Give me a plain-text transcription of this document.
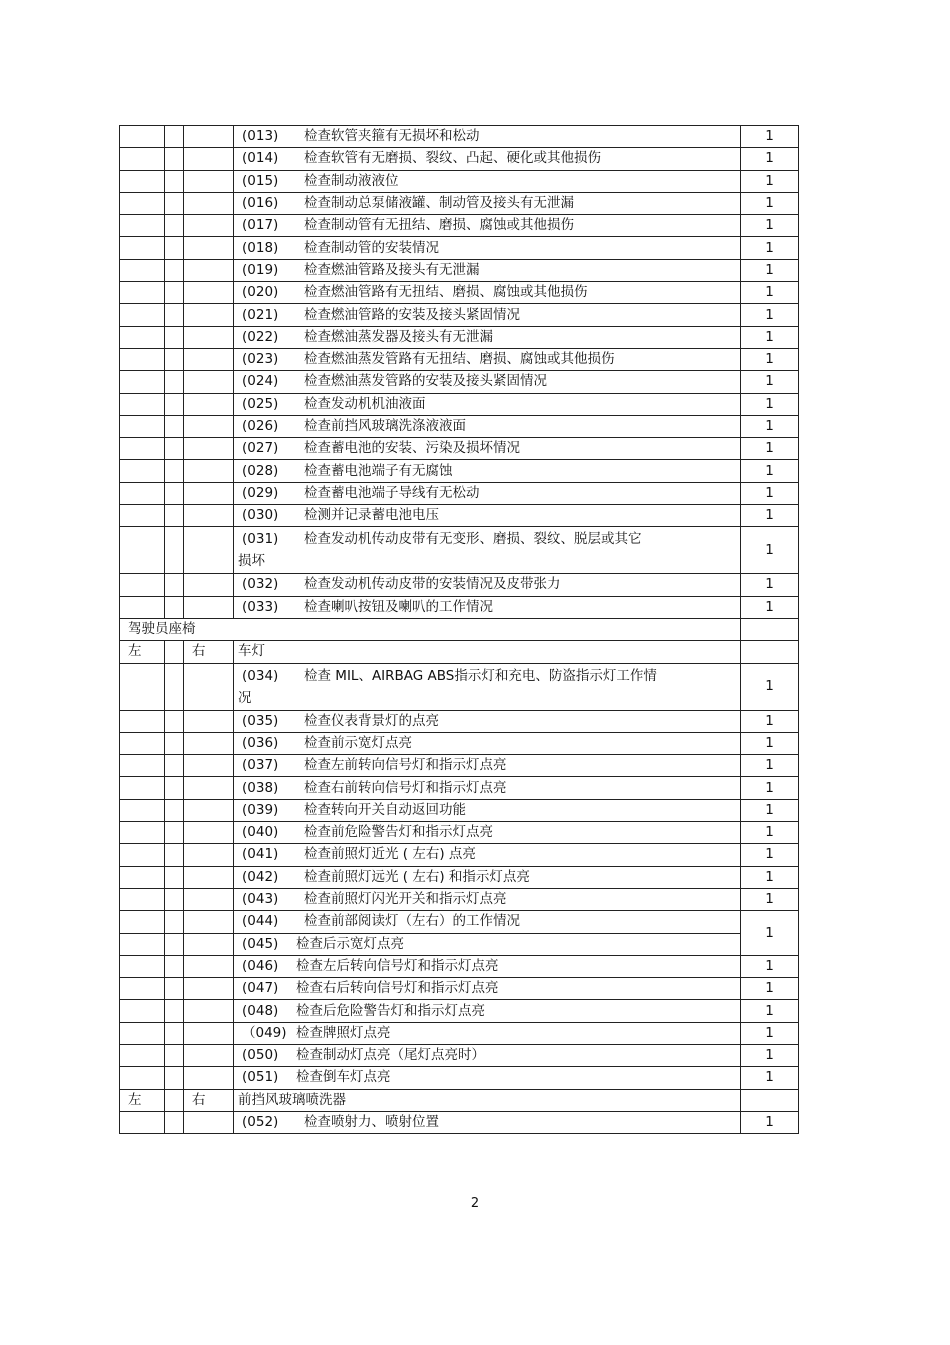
			(013) 检查软管夹箍有无损坏和松动	1
			(014) 检查软管有无磨损、裂纹、凸起、硬化或其他损伤	1
			(015) 检查制动液液位	1
			(016) 检查制动总泵储液罐、制动管及接头有无泄漏	1
			(017) 检查制动管有无扭结、磨损、腐蚀或其他损伤	1
			(018) 检查制动管的安装情况	1
			(019) 检查燃油管路及接头有无泄漏	1
			(020) 检查燃油管路有无扭结、磨损、腐蚀或其他损伤	1
			(021) 检查燃油管路的安装及接头紧固情况	1
			(022) 检查燃油蒸发器及接头有无泄漏	1
			(023) 检查燃油蒸发管路有无扭结、磨损、腐蚀或其他损伤	1
			(024) 检查燃油蒸发管路的安装及接头紧固情况	1
			(025) 检查发动机机油液面	1
			(026) 检查前挡风玻璃洗涤液液面	1
			(027) 检查蓄电池的安装、污染及损坏情况	1
			(028) 检查蓄电池端子有无腐蚀	1
			(029) 检查蓄电池端子导线有无松动	1
			(030) 检测并记录蓄电池电压	1
			(031) 检查发动机传动皮带有无变形、磨损、裂纹、脱层或其它
损坏	1
			(032) 检查发动机传动皮带的安装情况及皮带张力	1
			(033) 检查喇叭按钮及喇叭的工作情况	1
驾驶员座椅				
左		右	车灯	
			(034) 检查 MIL、AIRBAG ABS指示灯和充电、防盗指示灯工作情
况	1
			(035) 检查仪表背景灯的点亮	1
			(036) 检查前示宽灯点亮	1
			(037) 检查左前转向信号灯和指示灯点亮	1
			(038) 检查右前转向信号灯和指示灯点亮	1
			(039) 检查转向开关自动返回功能	1
			(040) 检查前危险警告灯和指示灯点亮	1
			(041) 检查前照灯近光 ( 左右) 点亮	1
			(042) 检查前照灯远光 ( 左右) 和指示灯点亮	1
			(043) 检查前照灯闪光开关和指示灯点亮	1
			(044) 检查前部阅读灯（左右）的工作情况	1
			(045) 检查后示宽灯点亮	
			(046) 检查左后转向信号灯和指示灯点亮	1
			(047) 检查右后转向信号灯和指示灯点亮	1
			(048) 检查后危险警告灯和指示灯点亮	1
			（049) 检查牌照灯点亮	1
			(050) 检查制动灯点亮（尾灯点亮时）	1
			(051) 检查倒车灯点亮	1
左		右	前挡风玻璃喷洗器	
			(052) 检查喷射力、喷射位置	1
2
